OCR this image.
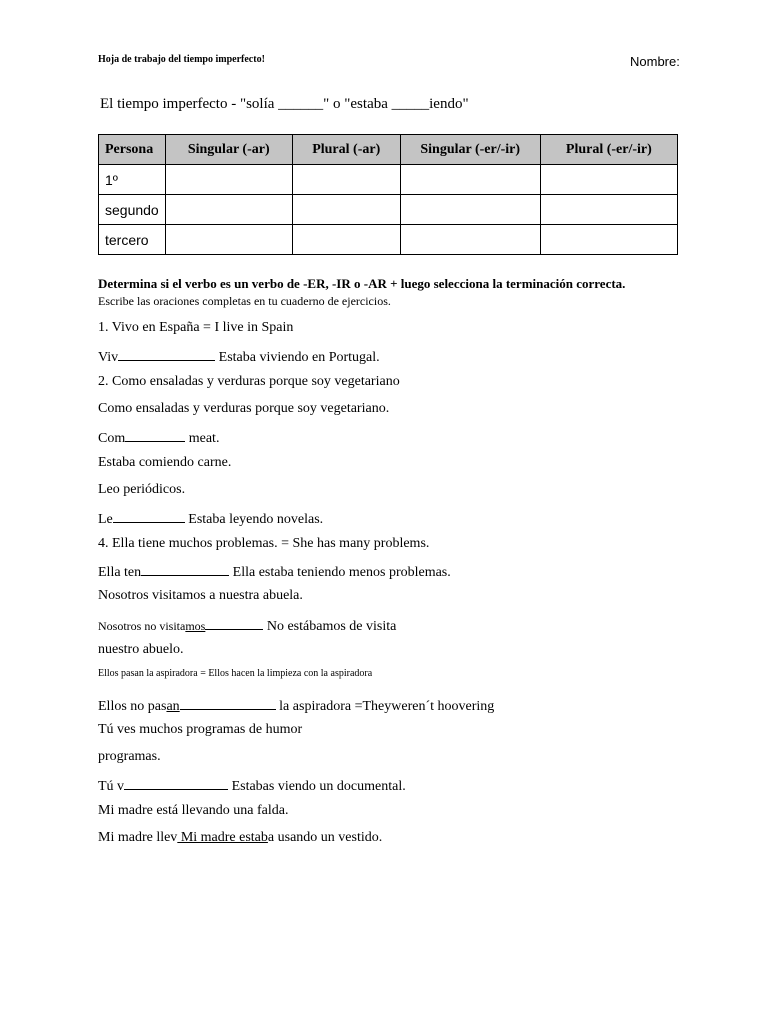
Hoja de trabajo del tiempo imperfecto!	Nombre:
El tiempo imperfecto - "solía ______" o "estaba _____iendo"
Persona	Singular (-ar)	Plural (-ar)	Singular (-er/-ir)	Plural (-er/-ir)
1º				
segundo				
tercero				
Determina si el verbo es un verbo de -ER, -IR o -AR + luego selecciona la terminación correcta.
Escribe las oraciones completas en tu cuaderno de ejercicios.
1. Vivo en España = I live in Spain
Viv	Estaba viviendo en Portugal.
2. Como ensaladas y verduras porque soy vegetariano
Como ensaladas y verduras porque soy vegetariano.
Com	meat.
Estaba comiendo carne.
Leo periódicos.
Le	Estaba leyendo novelas.
4. Ella tiene muchos problemas. = She has many problems.
Ella ten	Ella estaba teniendo menos problemas.
Nosotros visitamos a nuestra abuela.
Nosotros no visitamos	No estábamos de visita
nuestro abuelo.
Ellos pasan la aspiradora = Ellos hacen la limpieza con la aspiradora
Ellos no pasan	la aspiradora =Theyweren´t hoovering
Tú ves muchos programas de humor
programas.
Tú v	Estabas viendo un documental.
Mi madre está llevando una falda.
Mi madre llev Mi madre estaba usando un vestido.
